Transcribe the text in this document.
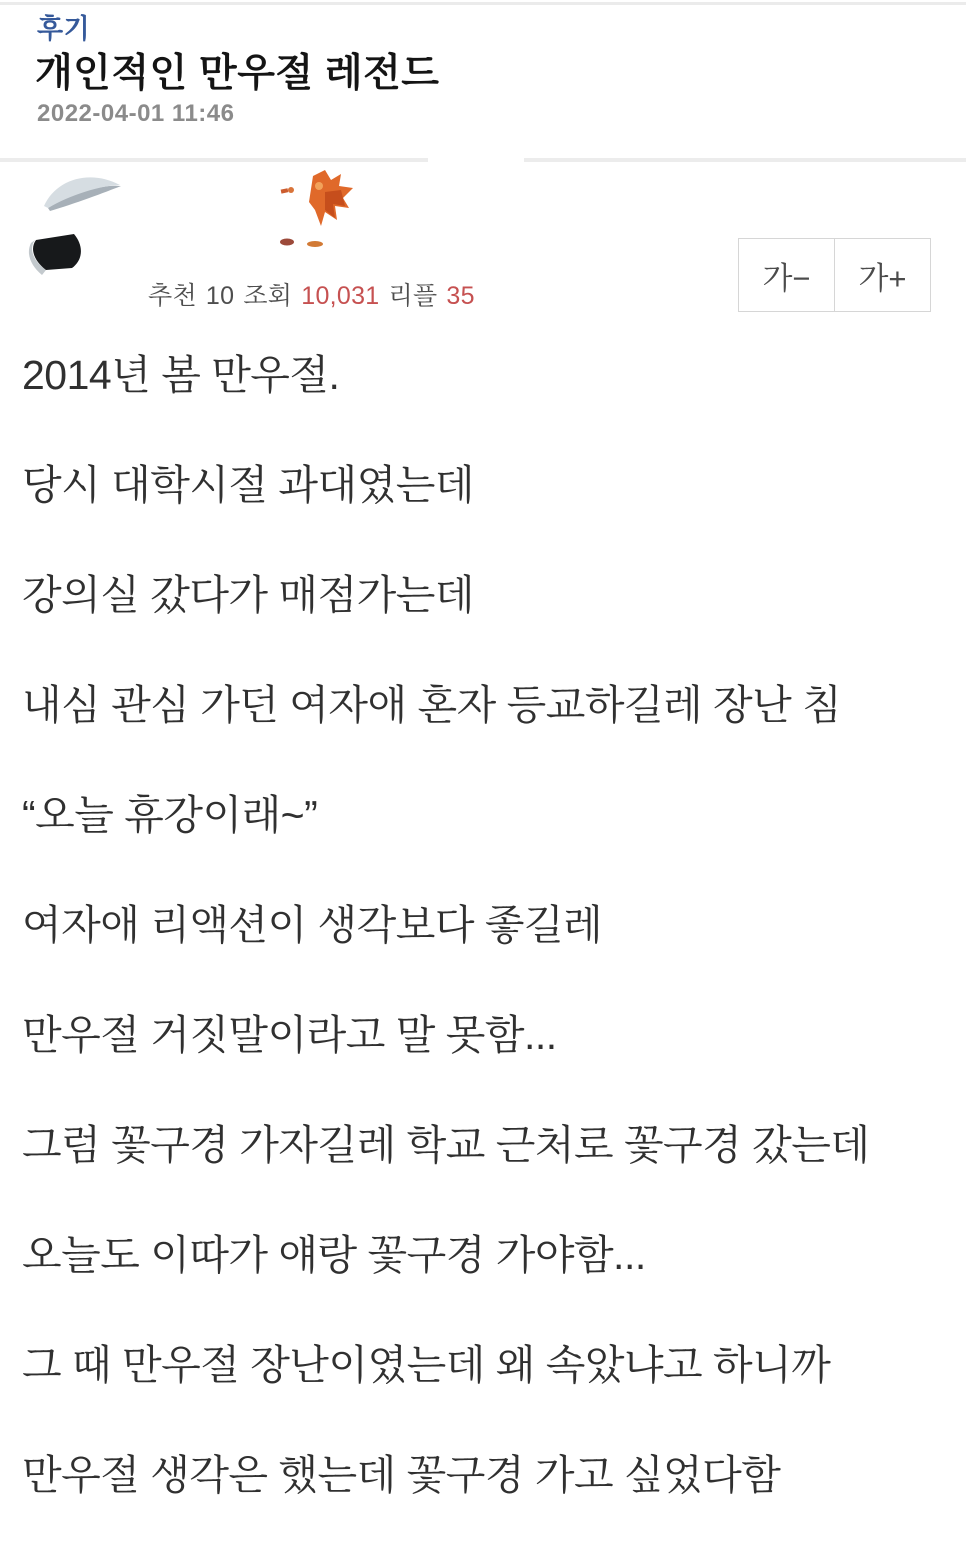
후기
개인적인 만우절 레전드
2022-04-01 11:46
추천 10 조회 10,031 리플 35
가−	가+

2014년 봄 만우절.

당시 대학시절 과대였는데

강의실 갔다가 매점가는데

내심 관심 가던 여자애 혼자 등교하길레 장난 침

“오늘 휴강이래~”

여자애 리액션이 생각보다 좋길레

만우절 거짓말이라고 말 못함...

그럼 꽃구경 가자길레 학교 근처로 꽃구경 갔는데

오늘도 이따가 얘랑 꽃구경 가야함...

그 때 만우절 장난이였는데 왜 속았냐고 하니까

만우절 생각은 했는데 꽃구경 가고 싶었다함
